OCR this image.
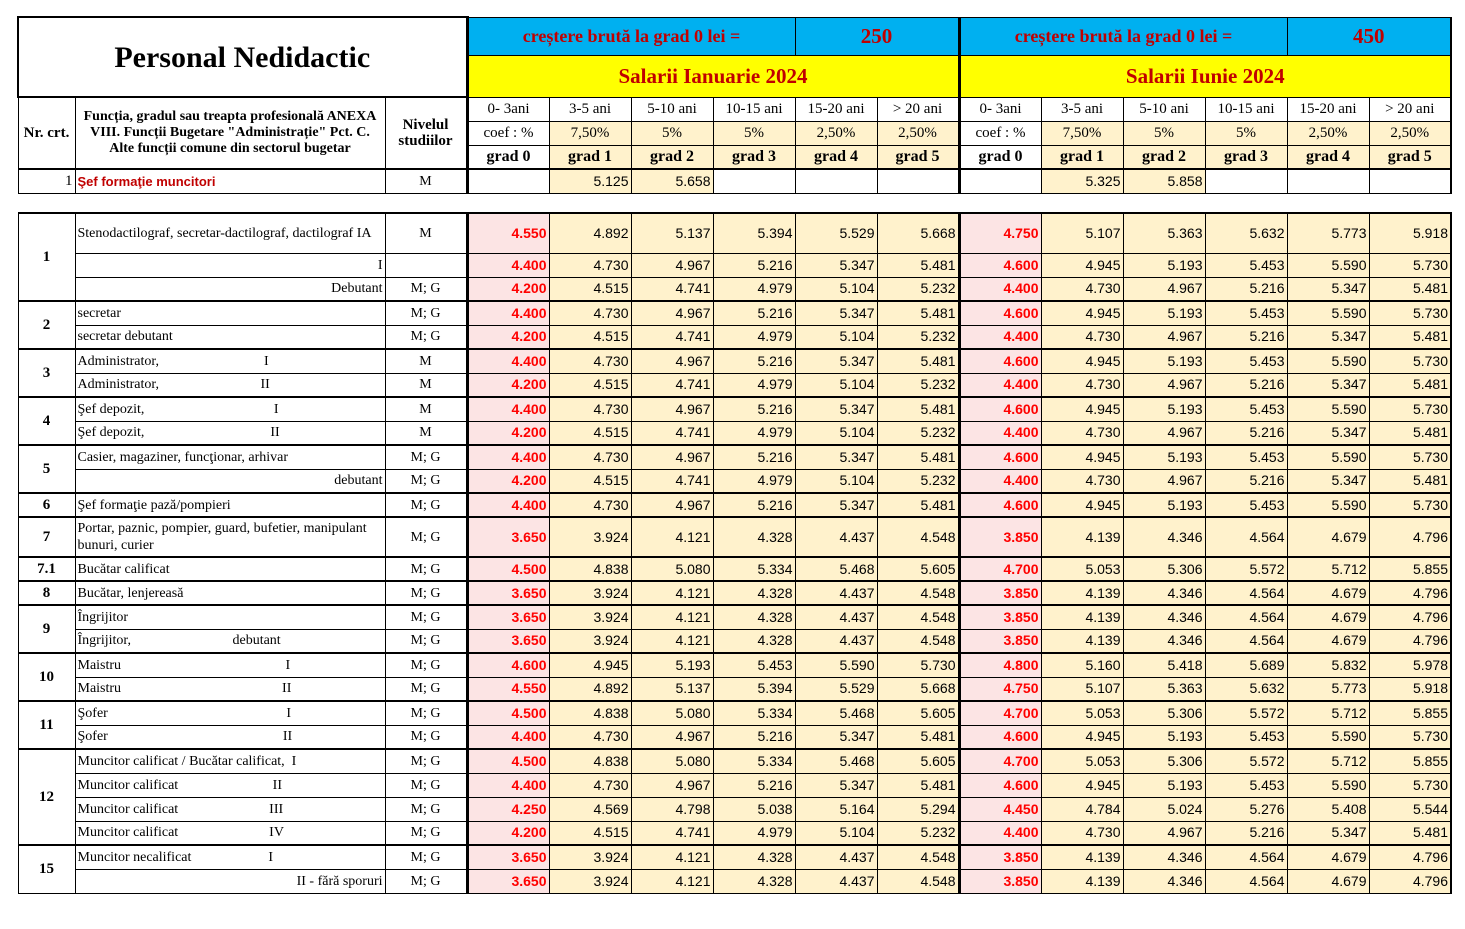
Personal Nedidactic			creștere brută la grad 0 lei =				250		creștere brută la grad 0 lei =				450	
			Salarii Ianuarie 2024						Salarii Iunie 2024					
Nr. crt.	Funcția, gradul sau treapta profesională ANEXA VIII. Funcții Bugetare "Administrație" Pct. C. Alte funcții comune din sectorul bugetar	Nivelul studiilor	0- 3ani	3-5 ani	5-10 ani	10-15 ani	15-20 ani	> 20 ani	0- 3ani	3-5 ani	5-10 ani	10-15 ani	15-20 ani	> 20 ani
			coef : %	7,50%	5%	5%	2,50%	2,50%	coef : %	7,50%	5%	5%	2,50%	2,50%
			grad 0	grad 1	grad 2	grad 3	grad 4	grad 5	grad 0	grad 1	grad 2	grad 3	grad 4	grad 5
1	Şef formaţie muncitori	M		5.125	5.658					5.325	5.858			

1	Stenodactilograf, secretar-dactilograf, dactilograf IA	M	4.550	4.892	5.137	5.394	5.529	5.668	4.750	5.107	5.363	5.632	5.773	5.918
	I		4.400	4.730	4.967	5.216	5.347	5.481	4.600	4.945	5.193	5.453	5.590	5.730
	Debutant	M; G	4.200	4.515	4.741	4.979	5.104	5.232	4.400	4.730	4.967	5.216	5.347	5.481
2	secretar	M; G	4.400	4.730	4.967	5.216	5.347	5.481	4.600	4.945	5.193	5.453	5.590	5.730
	secretar debutant	M; G	4.200	4.515	4.741	4.979	5.104	5.232	4.400	4.730	4.967	5.216	5.347	5.481
3	Administrator,                              I	M	4.400	4.730	4.967	5.216	5.347	5.481	4.600	4.945	5.193	5.453	5.590	5.730
	Administrator,                             II	M	4.200	4.515	4.741	4.979	5.104	5.232	4.400	4.730	4.967	5.216	5.347	5.481
4	Şef depozit,                                     I	M	4.400	4.730	4.967	5.216	5.347	5.481	4.600	4.945	5.193	5.453	5.590	5.730
	Şef depozit,                                    II	M	4.200	4.515	4.741	4.979	5.104	5.232	4.400	4.730	4.967	5.216	5.347	5.481
5	Casier, magaziner, funcţionar, arhivar	M; G	4.400	4.730	4.967	5.216	5.347	5.481	4.600	4.945	5.193	5.453	5.590	5.730
	debutant	M; G	4.200	4.515	4.741	4.979	5.104	5.232	4.400	4.730	4.967	5.216	5.347	5.481
6	Şef formaţie pază/pompieri	M; G	4.400	4.730	4.967	5.216	5.347	5.481	4.600	4.945	5.193	5.453	5.590	5.730
7	Portar, paznic, pompier, guard, bufetier, manipulant bunuri, curier	M; G	3.650	3.924	4.121	4.328	4.437	4.548	3.850	4.139	4.346	4.564	4.679	4.796
7.1	Bucătar calificat	M; G	4.500	4.838	5.080	5.334	5.468	5.605	4.700	5.053	5.306	5.572	5.712	5.855
8	Bucătar, lenjereasă	M; G	3.650	3.924	4.121	4.328	4.437	4.548	3.850	4.139	4.346	4.564	4.679	4.796
9	Îngrijitor	M; G	3.650	3.924	4.121	4.328	4.437	4.548	3.850	4.139	4.346	4.564	4.679	4.796
	Îngrijitor,                             debutant	M; G	3.650	3.924	4.121	4.328	4.437	4.548	3.850	4.139	4.346	4.564	4.679	4.796
10	Maistru                                               I	M; G	4.600	4.945	5.193	5.453	5.590	5.730	4.800	5.160	5.418	5.689	5.832	5.978
	Maistru                                              II	M; G	4.550	4.892	5.137	5.394	5.529	5.668	4.750	5.107	5.363	5.632	5.773	5.918
11	Şofer                                                   I	M; G	4.500	4.838	5.080	5.334	5.468	5.605	4.700	5.053	5.306	5.572	5.712	5.855
	Şofer                                                  II	M; G	4.400	4.730	4.967	5.216	5.347	5.481	4.600	4.945	5.193	5.453	5.590	5.730
12	Muncitor calificat / Bucătar calificat,  I	M; G	4.500	4.838	5.080	5.334	5.468	5.605	4.700	5.053	5.306	5.572	5.712	5.855
	Muncitor calificat                           II	M; G	4.400	4.730	4.967	5.216	5.347	5.481	4.600	4.945	5.193	5.453	5.590	5.730
	Muncitor calificat                          III	M; G	4.250	4.569	4.798	5.038	5.164	5.294	4.450	4.784	5.024	5.276	5.408	5.544
	Muncitor calificat                          IV	M; G	4.200	4.515	4.741	4.979	5.104	5.232	4.400	4.730	4.967	5.216	5.347	5.481
15	Muncitor necalificat                      I	M; G	3.650	3.924	4.121	4.328	4.437	4.548	3.850	4.139	4.346	4.564	4.679	4.796
	II - fără sporuri	M; G	3.650	3.924	4.121	4.328	4.437	4.548	3.850	4.139	4.346	4.564	4.679	4.796
